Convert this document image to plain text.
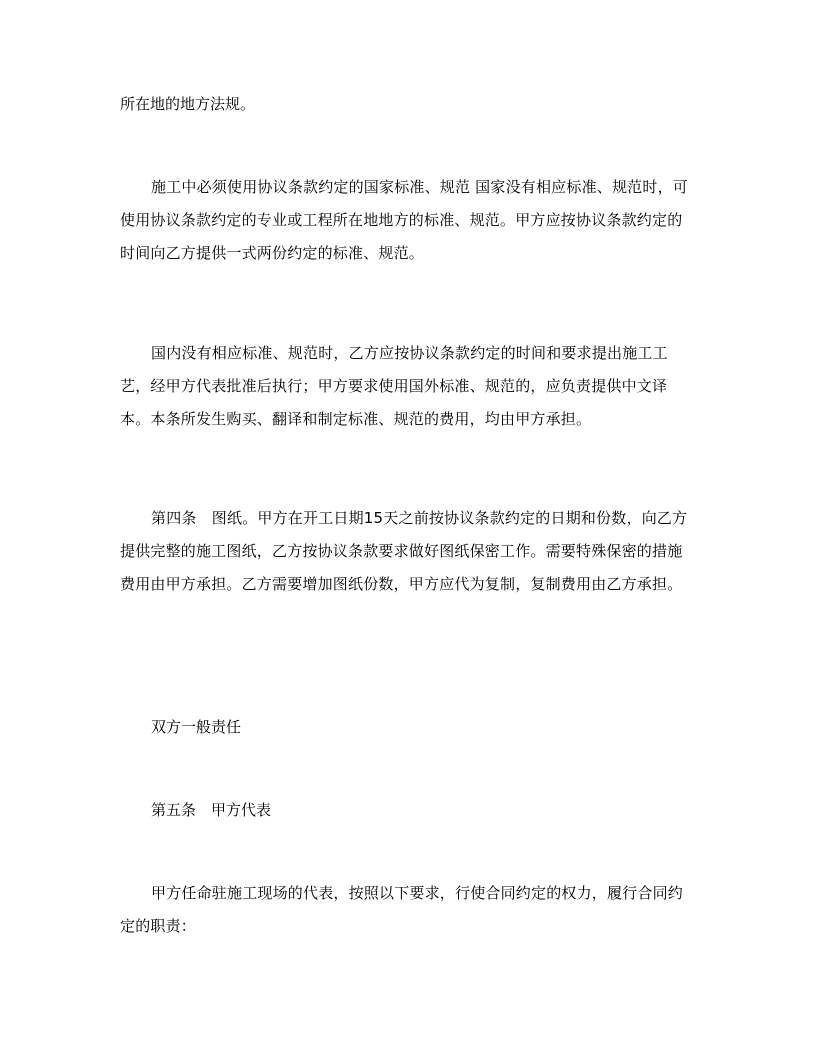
所在地的地方法规。

施工中必须使用协议条款约定的国家标准、规范 国家没有相应标准、规范时，可使用协议条款约定的专业或工程所在地地方的标准、规范。甲方应按协议条款约定的时间向乙方提供一式两份约定的标准、规范。

国内没有相应标准、规范时，乙方应按协议条款约定的时间和要求提出施工工艺，经甲方代表批准后执行；甲方要求使用国外标准、规范的，应负责提供中文译本。本条所发生购买、翻译和制定标准、规范的费用，均由甲方承担。

第四条　图纸。甲方在开工日期15天之前按协议条款约定的日期和份数，向乙方提供完整的施工图纸，乙方按协议条款要求做好图纸保密工作。需要特殊保密的措施费用由甲方承担。乙方需要增加图纸份数，甲方应代为复制，复制费用由乙方承担。

双方一般责任

第五条　甲方代表

甲方任命驻施工现场的代表，按照以下要求，行使合同约定的权力，履行合同约定的职责：
